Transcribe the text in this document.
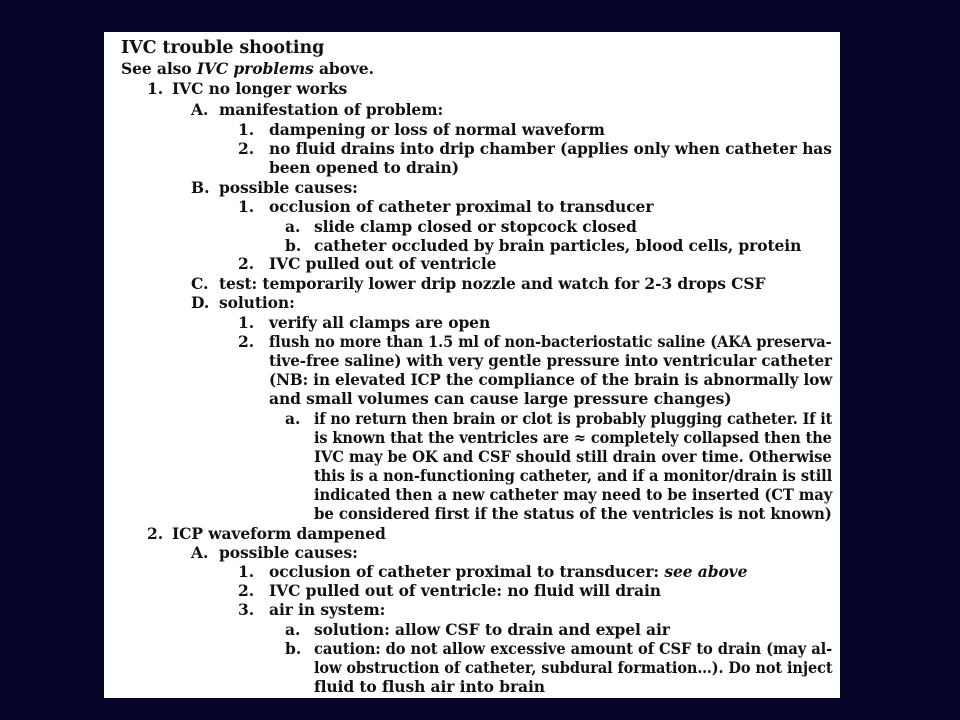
IVC trouble shooting
See also IVC problems above.
1. IVC no longer works
A. manifestation of problem:
1. dampening or loss of normal waveform
2. no fluid drains into drip chamber (applies only when catheter has
been opened to drain)
B. possible causes:
1. occlusion of catheter proximal to transducer
a. slide clamp closed or stopcock closed
b. catheter occluded by brain particles, blood cells, protein
2. IVC pulled out of ventricle
C. test: temporarily lower drip nozzle and watch for 2-3 drops CSF
D. solution:
1. verify all clamps are open
2. flush no more than 1.5 ml of non-bacteriostatic saline (AKA preserva-
tive-free saline) with very gentle pressure into ventricular catheter
(NB: in elevated ICP the compliance of the brain is abnormally low
and small volumes can cause large pressure changes)
a. if no return then brain or clot is probably plugging catheter. If it
is known that the ventricles are ≈ completely collapsed then the
IVC may be OK and CSF should still drain over time. Otherwise
this is a non-functioning catheter, and if a monitor/drain is still
indicated then a new catheter may need to be inserted (CT may
be considered first if the status of the ventricles is not known)
2. ICP waveform dampened
A. possible causes:
1. occlusion of catheter proximal to transducer: see above
2. IVC pulled out of ventricle: no fluid will drain
3. air in system:
a. solution: allow CSF to drain and expel air
b. caution: do not allow excessive amount of CSF to drain (may al-
low obstruction of catheter, subdural formation…). Do not inject
fluid to flush air into brain
